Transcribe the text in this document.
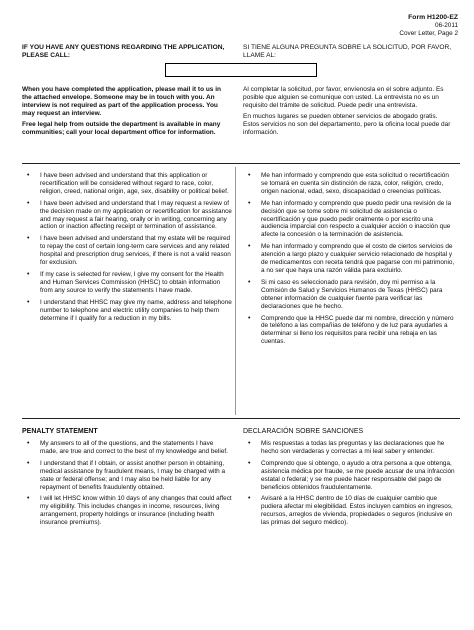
Form H1200-EZ
06-2011
Cover Letter, Page 2
IF YOU HAVE ANY QUESTIONS REGARDING THE APPLICATION, PLEASE CALL:
SI TIENE ALGUNA PREGUNTA SOBRE LA SOLICITUD, POR FAVOR, LLAME AL:

When you have completed the application, please mail it to us in the attached envelope. Someone may be in touch with you. An interview is not required as part of the application process. You may request an interview.

Free legal help from outside the department is available in many communities; call your local department office for information.

Al completar la solicitud, por favor, envíenosla en el sobre adjunto. Es posible que alguien se comunique con usted. La entrevista no es un requisito del trámite de solicitud. Puede pedir una entrevista.

En muchos lugares se pueden obtener servicios de abogado gratis. Estos servicios no son del departamento, pero la oficina local puede dar información.

• I have been advised and understand that this application or recertification will be considered without regard to race, color, religion, creed, national origin, age, sex, disability or political belief.
• I have been advised and understand that I may request a review of the decision made on my application or recertification for assistance and may request a fair hearing, orally or in writing, concerning any action or inaction affecting receipt or termination of assistance.
• I have been advised and understand that my estate will be required to repay the cost of certain long-term care services and any related hospital and prescription drug services, if there is not a valid reason for exclusion.
• If my case is selected for review, I give my consent for the Health and Human Services Commission (HHSC) to obtain information from any source to verify the statements I have made.
• I understand that HHSC may give my name, address and telephone number to telephone and electric utility companies to help them determine if I qualify for a reduction in my bills.
• Me han informado y comprendo que esta solicitud o recertificación se tomará en cuenta sin distinción de raza, color, religión, credo, origen nacional, edad, sexo, discapacidad o creencias políticas.
• Me han informado y comprendo que puedo pedir una revisión de la decisión que se tome sobre mi solicitud de asistencia o recertificación y que puedo pedir oralmente o por escrito una audiencia imparcial con respecto a cualquier acción o inacción que afecte la concesión o la terminación de asistencia.
• Me han informado y comprendo que el costo de ciertos servicios de atención a largo plazo y cualquier servicio relacionado de hospital y de medicamentos con receta tendrá que pagarse con mi patrimonio, a no ser que haya una razón válida para excluirlo.
• Si mi caso es seleccionado para revisión, doy mi permiso a la Comisión de Salud y Servicios Humanos de Texas (HHSC) para obtener información de cualquier fuente para verificar las declaraciones que he hecho.
• Comprendo que la HHSC puede dar mi nombre, dirección y número de teléfono a las compañías de teléfono y de luz para ayudarles a determinar si lleno los requisitos para recibir una rebaja en las cuentas.
PENALTY STATEMENT	DECLARACIÓN SOBRE SANCIONES
• My answers to all of the questions, and the statements I have made, are true and correct to the best of my knowledge and belief.
• I understand that if I obtain, or assist another person in obtaining, medical assistance by fraudulent means, I may be charged with a state or federal offense; and I may also be held liable for any repayment of benefits fraudulently obtained.
• I will let HHSC know within 10 days of any changes that could affect my eligibility. This includes changes in income, resources, living arrangement, property holdings or insurance (including health insurance premiums).
• Mis respuestas a todas las preguntas y las declaraciones que he hecho son verdaderas y correctas a mi leal saber y entender.
• Comprendo que si obtengo, o ayudo a otra persona a que obtenga, asistencia médica por fraude, se me puede acusar de una infracción estatal o federal; y se me puede hacer responsable del pago de beneficios obtenidos fraudulentamente.
• Avisaré a la HHSC dentro de 10 días de cualquier cambio que pudiera afectar mi elegibilidad. Estos incluyen cambios en ingresos, recursos, arreglos de vivienda, propiedades o seguros (inclusive en las primas del seguro médico).
